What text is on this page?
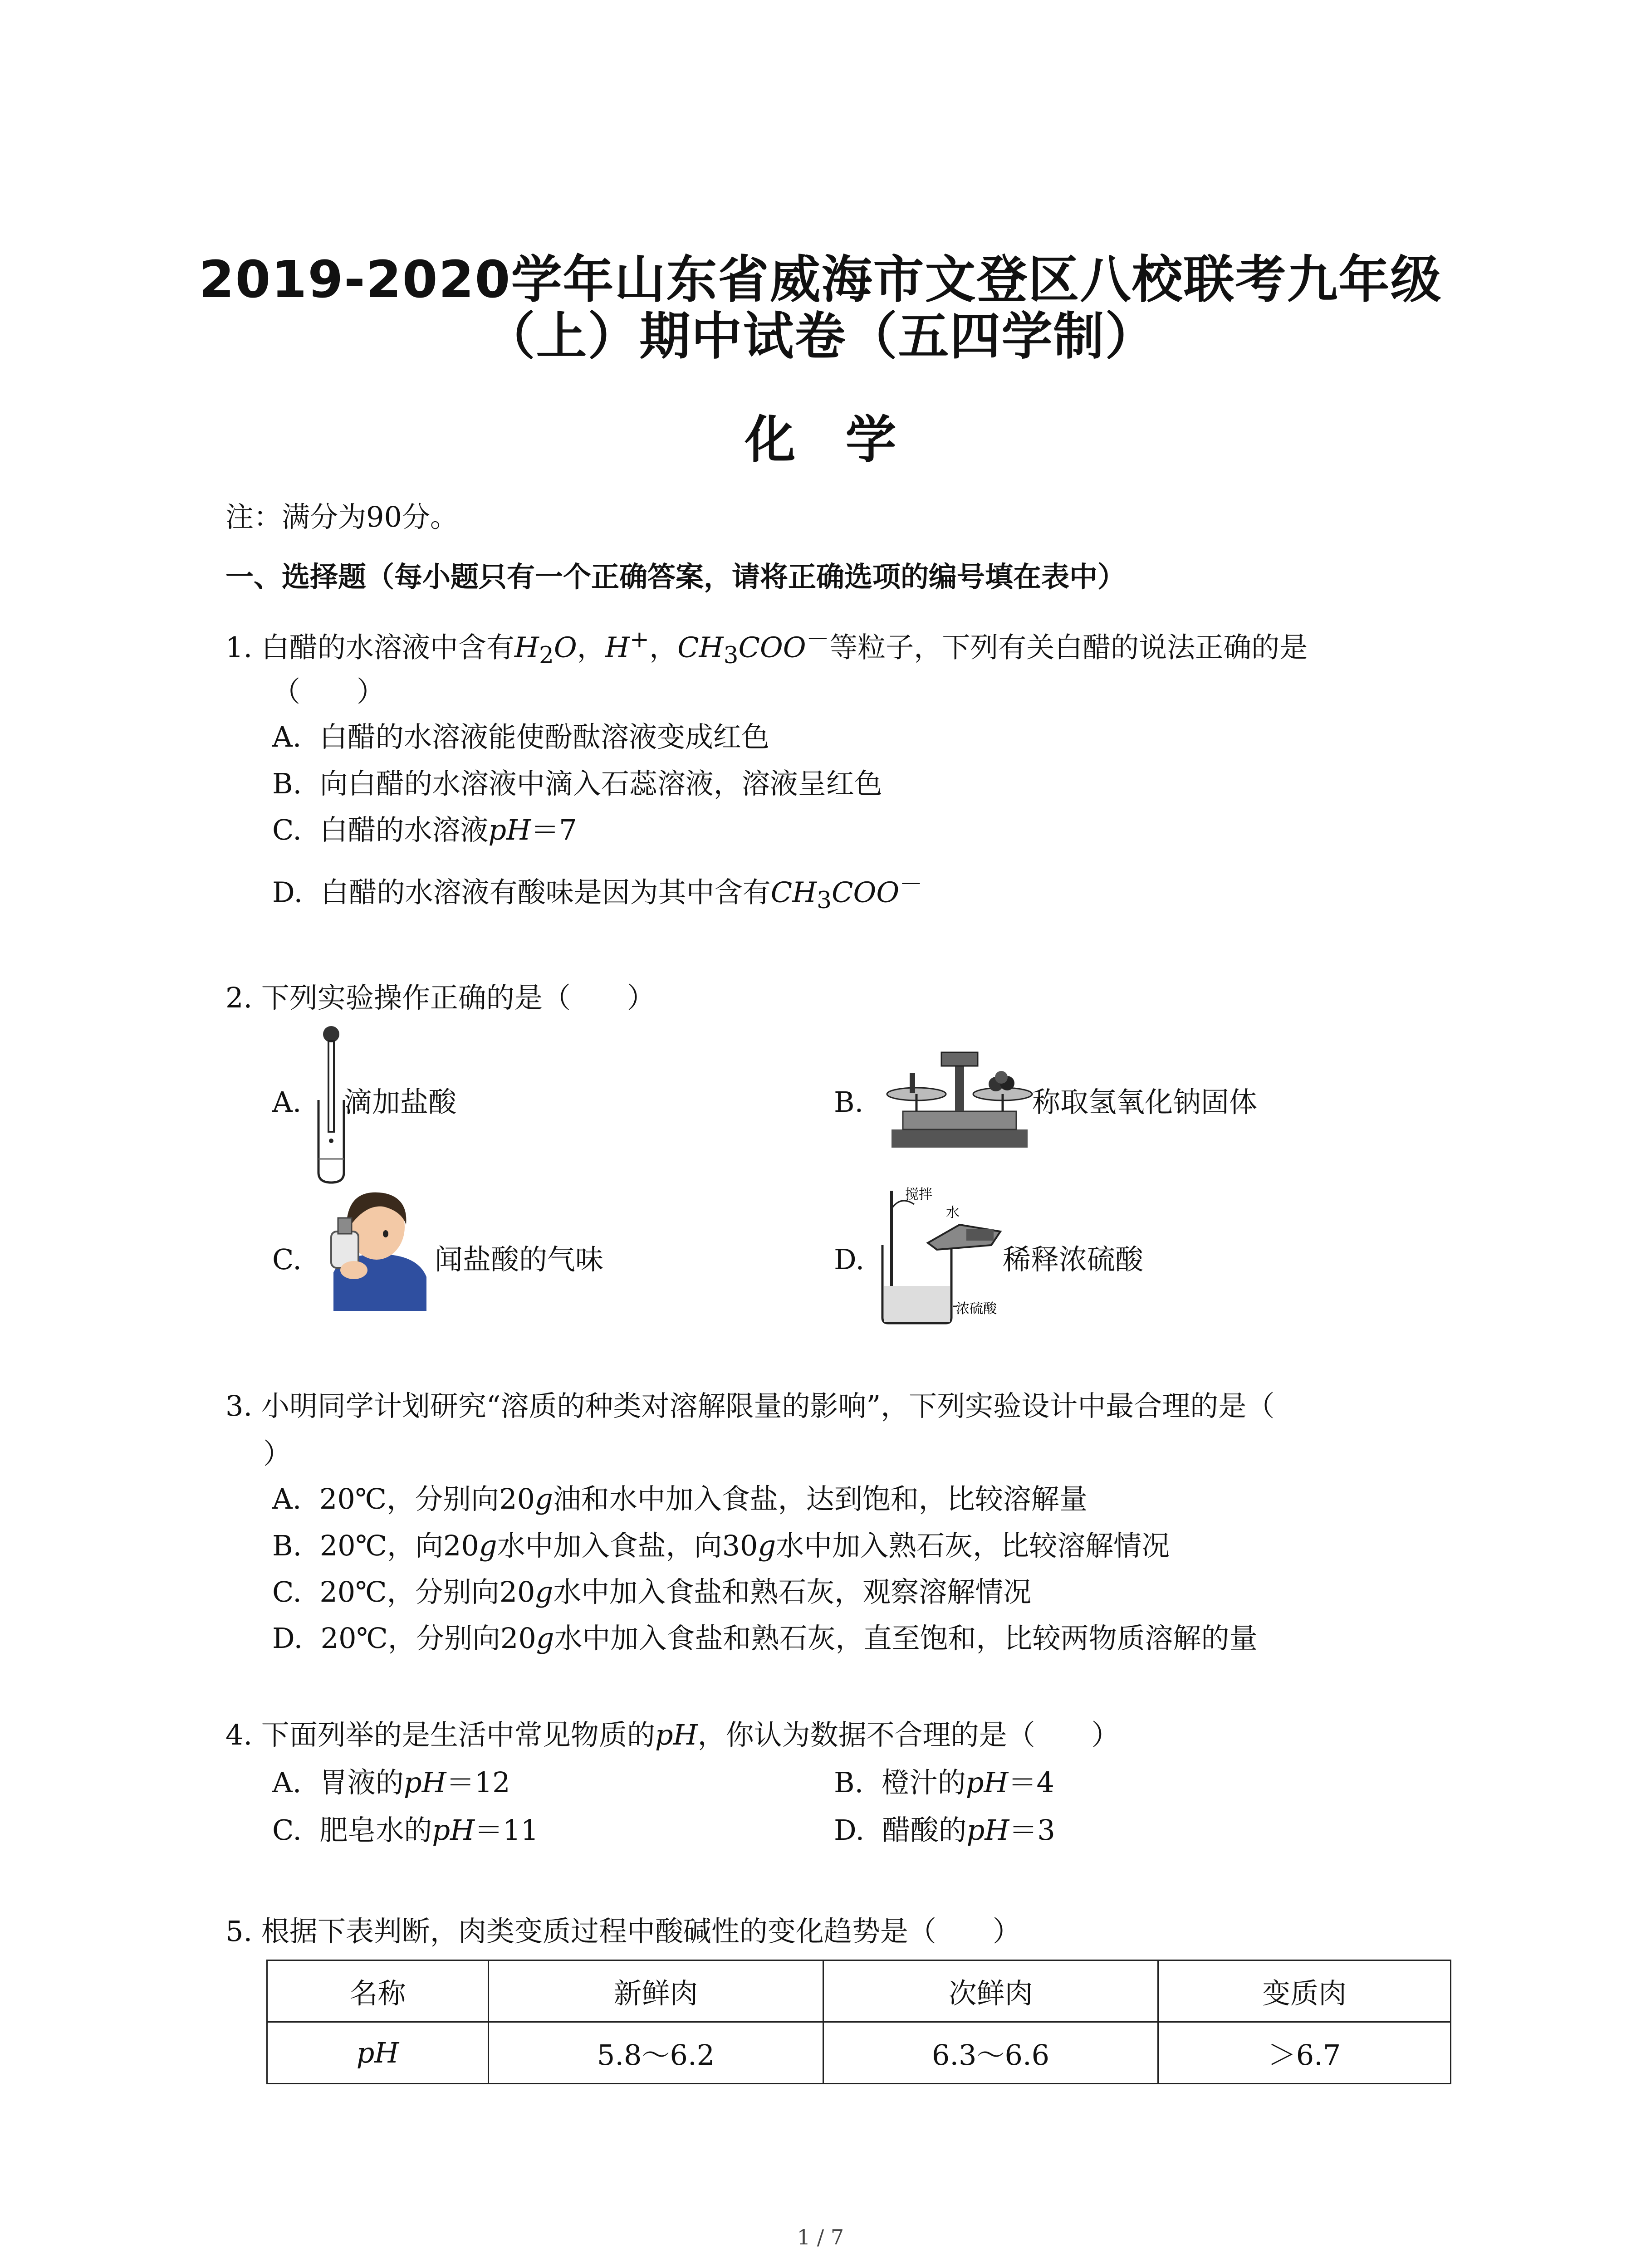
2019-2020学年山东省威海市文登区八校联考九年级
（上）期中试卷（五四学制）
化学
注：满分为90分。
一、选择题（每小题只有一个正确答案，请将正确选项的编号填在表中）
1. 白醋的水溶液中含有$H_2O$，H+，$CH_3COO^-$等粒子，下列有关白醋的说法正确的是
（　　）
A. 白醋的水溶液能使酚酞溶液变成红色
B. 向白醋的水溶液中滴入石蕊溶液，溶液呈红色
C. 白醋的水溶液pH＝7
D. 白醋的水溶液有酸味是因为其中含有$CH_3COO^-$
2. 下列实验操作正确的是（　　）
A. 滴加盐酸	B.	称取氢氧化钠固体
C.	闻盐酸的气味	D.
搅拌
水
浓硫酸
稀释浓硫酸
3. 小明同学计划研究“溶质的种类对溶解限量的影响”，下列实验设计中最合理的是（
）
A. 20℃，分别向20g油和水中加入食盐，达到饱和，比较溶解量
B. 20℃，向20g水中加入食盐，向30g水中加入熟石灰，比较溶解情况
C. 20℃，分别向20g水中加入食盐和熟石灰，观察溶解情况
D. 20℃，分别向20g水中加入食盐和熟石灰，直至饱和，比较两物质溶解的量
4. 下面列举的是生活中常见物质的pH，你认为数据不合理的是（　　）
A. 胃液的pH＝12	B. 橙汁的pH＝4
C. 肥皂水的pH＝11	D. 醋酸的pH＝3
5. 根据下表判断，肉类变质过程中酸碱性的变化趋势是（　　）
名称	新鲜肉	次鲜肉	变质肉
pH	5.8～6.2	6.3～6.6	＞6.7
1 / 7
